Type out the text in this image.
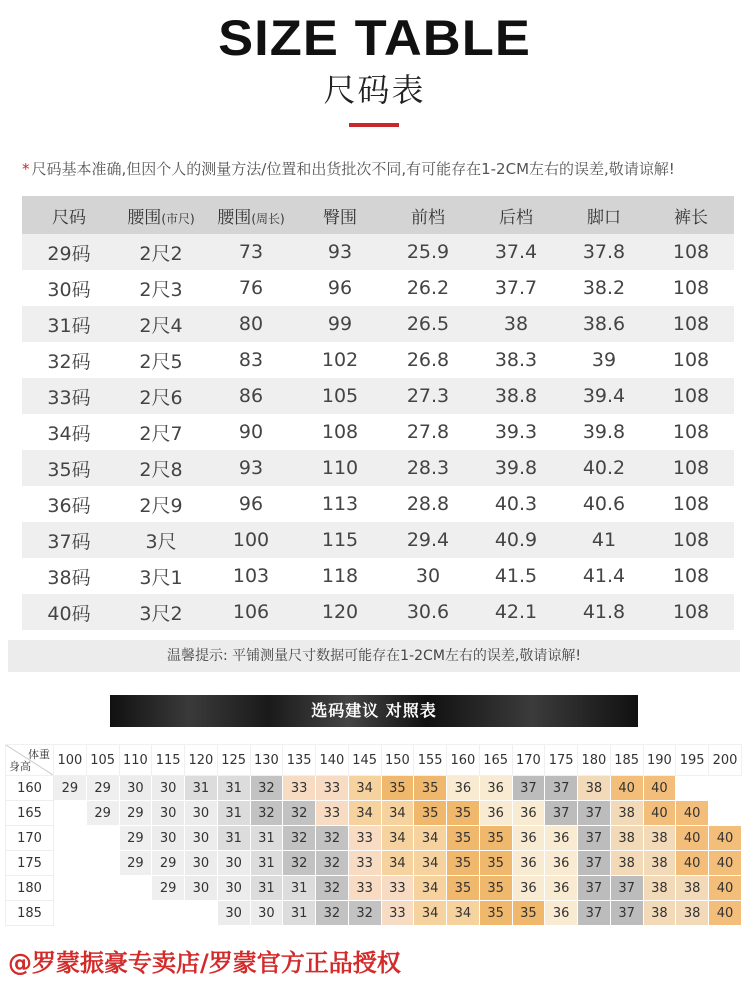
SIZE TABLE
尺码表
* 尺码基本准确,但因个人的测量方法/位置和出货批次不同,有可能存在1-2CM左右的误差,敬请谅解!
尺码	腰围(市尺)	腰围(周长)	臀围	前档	后档	脚口	裤长
29码	2尺2	73	93	25.9	37.4	37.8	108
30码	2尺3	76	96	26.2	37.7	38.2	108
31码	2尺4	80	99	26.5	38	38.6	108
32码	2尺5	83	102	26.8	38.3	39	108
33码	2尺6	86	105	27.3	38.8	39.4	108
34码	2尺7	90	108	27.8	39.3	39.8	108
35码	2尺8	93	110	28.3	39.8	40.2	108
36码	2尺9	96	113	28.8	40.3	40.6	108
37码	3尺	100	115	29.4	40.9	41	108
38码	3尺1	103	118	30	41.5	41.4	108
40码	3尺2	106	120	30.6	42.1	41.8	108
温馨提示: 平铺测量尺寸数据可能存在1-2CM左右的误差,敬请谅解!
选码建议 对照表
体重
身高	100	105	110	115	120	125	130	135	140	145	150	155	160	165	170	175	180	185	190	195	200
160	29	29	30	30	31	31	32	33	33	34	35	35	36	36	37	37	38	40	40		
165		29	29	30	30	31	32	32	33	34	34	35	35	36	36	37	37	38	40	40	
170			29	30	30	31	31	32	32	33	34	34	35	35	36	36	37	38	38	40	40
175			29	29	30	30	31	32	32	33	34	34	35	35	36	36	37	38	38	40	40
180				29	30	30	31	31	32	33	33	34	35	35	36	36	37	37	38	38	40
185						30	30	31	32	32	33	34	34	35	35	36	37	37	38	38	40
@罗蒙振豪专卖店/罗蒙官方正品授权
